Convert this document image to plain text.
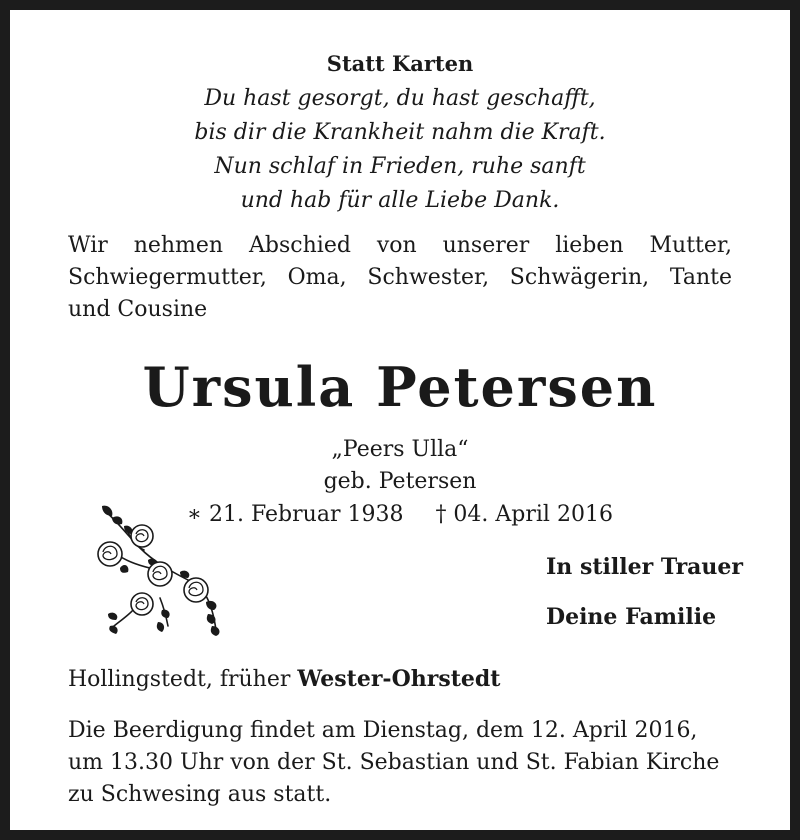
Statt Karten
Du hast gesorgt, du hast geschafft,
bis dir die Krankheit nahm die Kraft.
Nun schlaf in Frieden, ruhe sanft
und hab für alle Liebe Dank.
Wir nehmen Abschied von unserer lieben Mutter,
Schwiegermutter, Oma, Schwester, Schwägerin, Tante
und Cousine
Ursula Petersen
„Peers Ulla“
geb. Petersen
∗ 21. Februar 1938 † 04. April 2016
In stiller Trauer
Deine Familie
Hollingstedt, früher Wester-Ohrstedt
Die Beerdigung findet am Dienstag, dem 12. April 2016,
um 13.30 Uhr von der St. Sebastian und St. Fabian Kirche
zu Schwesing aus statt.
